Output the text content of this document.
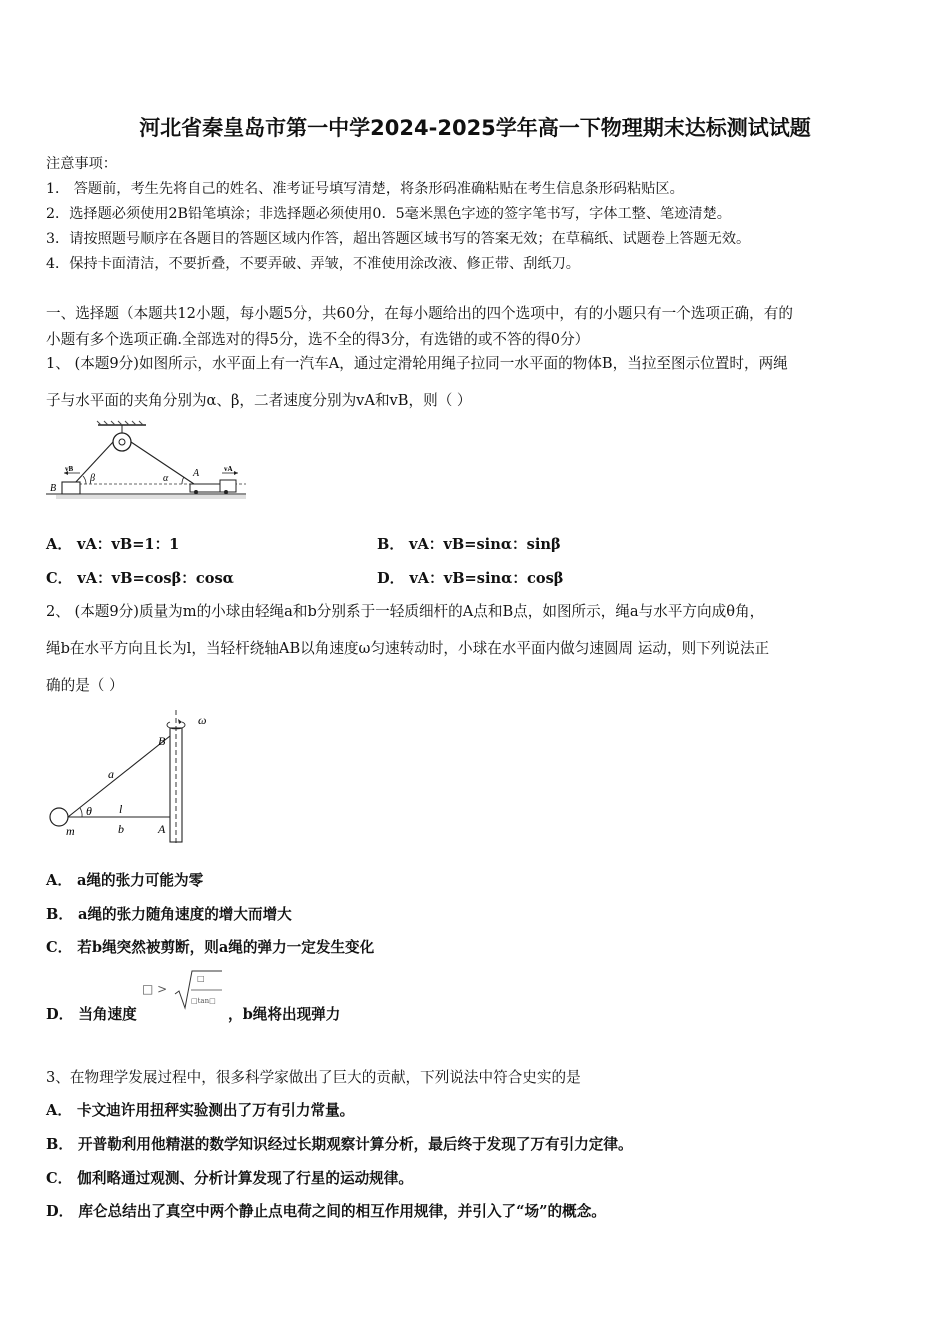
河北省秦皇岛市第一中学2024-2025学年高一下物理期末达标测试试题
注意事项：
1． 答题前，考生先将自己的姓名、准考证号填写清楚，将条形码准确粘贴在考生信息条形码粘贴区。
2．选择题必须使用2B铅笔填涂；非选择题必须使用0．5毫米黑色字迹的签字笔书写，字体工整、笔迹清楚。
3．请按照题号顺序在各题目的答题区域内作答，超出答题区域书写的答案无效；在草稿纸、试题卷上答题无效。
4．保持卡面清洁，不要折叠，不要弄破、弄皱，不准使用涂改液、修正带、刮纸刀。
一、选择题（本题共12小题，每小题5分，共60分，在每小题给出的四个选项中，有的小题只有一个选项正确，有的
小题有多个选项正确.全部选对的得5分，选不全的得3分，有选错的或不答的得0分）
1、 (本题9分)如图所示，水平面上有一汽车A，通过定滑轮用绳子拉同一水平面的物体B，当拉至图示位置时，两绳
子与水平面的夹角分别为α、β，二者速度分别为vA和vB，则（ ）
B
A
β	α
vB	vA
A． vA：vB=1：1	B． vA：vB=sinα：sinβ
C． vA：vB=cosβ：cosα	D． vA：vB=sinα：cosβ
2、 (本题9分)质量为m的小球由轻绳a和b分别系于一轻质细杆的A点和B点，如图所示，绳a与水平方向成θ角，
绳b在水平方向且长为l，当轻杆绕轴AB以角速度ω匀速转动时，小球在水平面内做匀速圆周 运动，则下列说法正
确的是（ ）
ω
B
a
θ l
m	b	A
A． a绳的张力可能为零
B． a绳的张力随角速度的增大而增大
C． 若b绳突然被剪断，则a绳的弹力一定发生变化
D． 当角速度
□ >
□
□tan□
，b绳将出现弹力
3、在物理学发展过程中，很多科学家做出了巨大的贡献，下列说法中符合史实的是
A． 卡文迪许用扭秤实验测出了万有引力常量。
B． 开普勒利用他精湛的数学知识经过长期观察计算分析，最后终于发现了万有引力定律。
C． 伽利略通过观测、分析计算发现了行星的运动规律。
D． 库仑总结出了真空中两个静止点电荷之间的相互作用规律，并引入了“场”的概念。
